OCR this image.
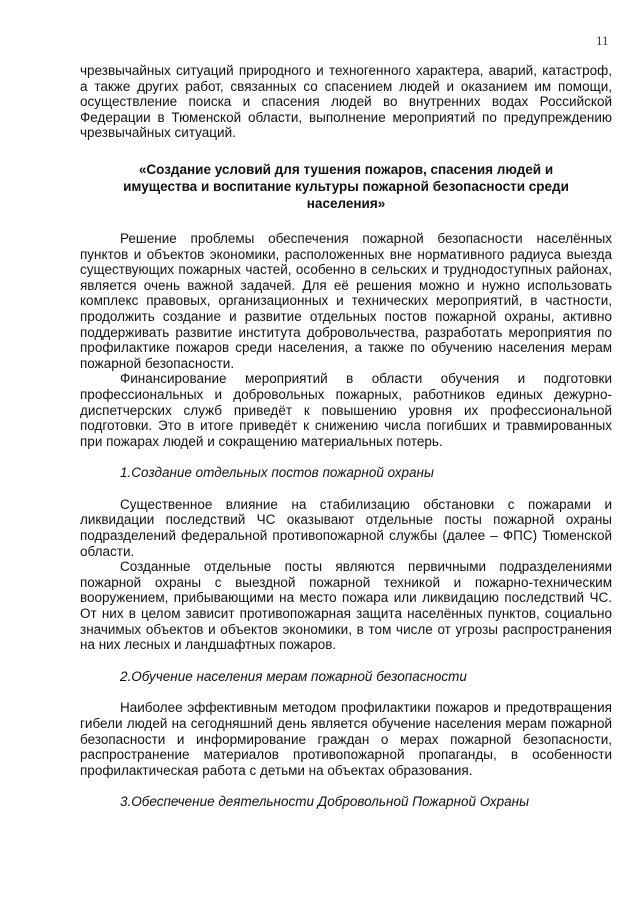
11

чрезвычайных ситуаций природного и техногенного характера, аварий, катастроф, а также других работ, связанных со спасением людей и оказанием им помощи, осуществление поиска и спасения людей во внутренних водах Российской Федерации в Тюменской области, выполнение мероприятий по предупреждению чрезвычайных ситуаций.

«Создание условий для тушения пожаров, спасения людей и имущества и воспитание культуры пожарной безопасности среди населения»

Решение проблемы обеспечения пожарной безопасности населённых пунктов и объектов экономики, расположенных вне нормативного радиуса выезда существующих пожарных частей, особенно в сельских и труднодоступных районах, является очень важной задачей. Для её решения можно и нужно использовать комплекс правовых, организационных и технических мероприятий, в частности, продолжить создание и развитие отдельных постов пожарной охраны, активно поддерживать развитие института добровольчества, разработать мероприятия по профилактике пожаров среди населения, а также по обучению населения мерам пожарной безопасности.

Финансирование мероприятий в области обучения и подготовки профессиональных и добровольных пожарных, работников единых дежурно-диспетчерских служб приведёт к повышению уровня их профессиональной подготовки. Это в итоге приведёт к снижению числа погибших и травмированных при пожарах людей и сокращению материальных потерь.

1.Создание отдельных постов пожарной охраны

Существенное влияние на стабилизацию обстановки с пожарами и ликвидации последствий ЧС оказывают отдельные посты пожарной охраны подразделений федеральной противопожарной службы (далее – ФПС) Тюменской области.

Созданные отдельные посты являются первичными подразделениями пожарной охраны с выездной пожарной техникой и пожарно-техническим вооружением, прибывающими на место пожара или ликвидацию последствий ЧС. От них в целом зависит противопожарная защита населённых пунктов, социально значимых объектов и объектов экономики, в том числе от угрозы распространения на них лесных и ландшафтных пожаров.

2.Обучение населения мерам пожарной безопасности

Наиболее эффективным методом профилактики пожаров и предотвращения гибели людей на сегодняшний день является обучение населения мерам пожарной безопасности и информирование граждан о мерах пожарной безопасности, распространение материалов противопожарной пропаганды, в особенности профилактическая работа с детьми на объектах образования.

3.Обеспечение деятельности Добровольной Пожарной Охраны
